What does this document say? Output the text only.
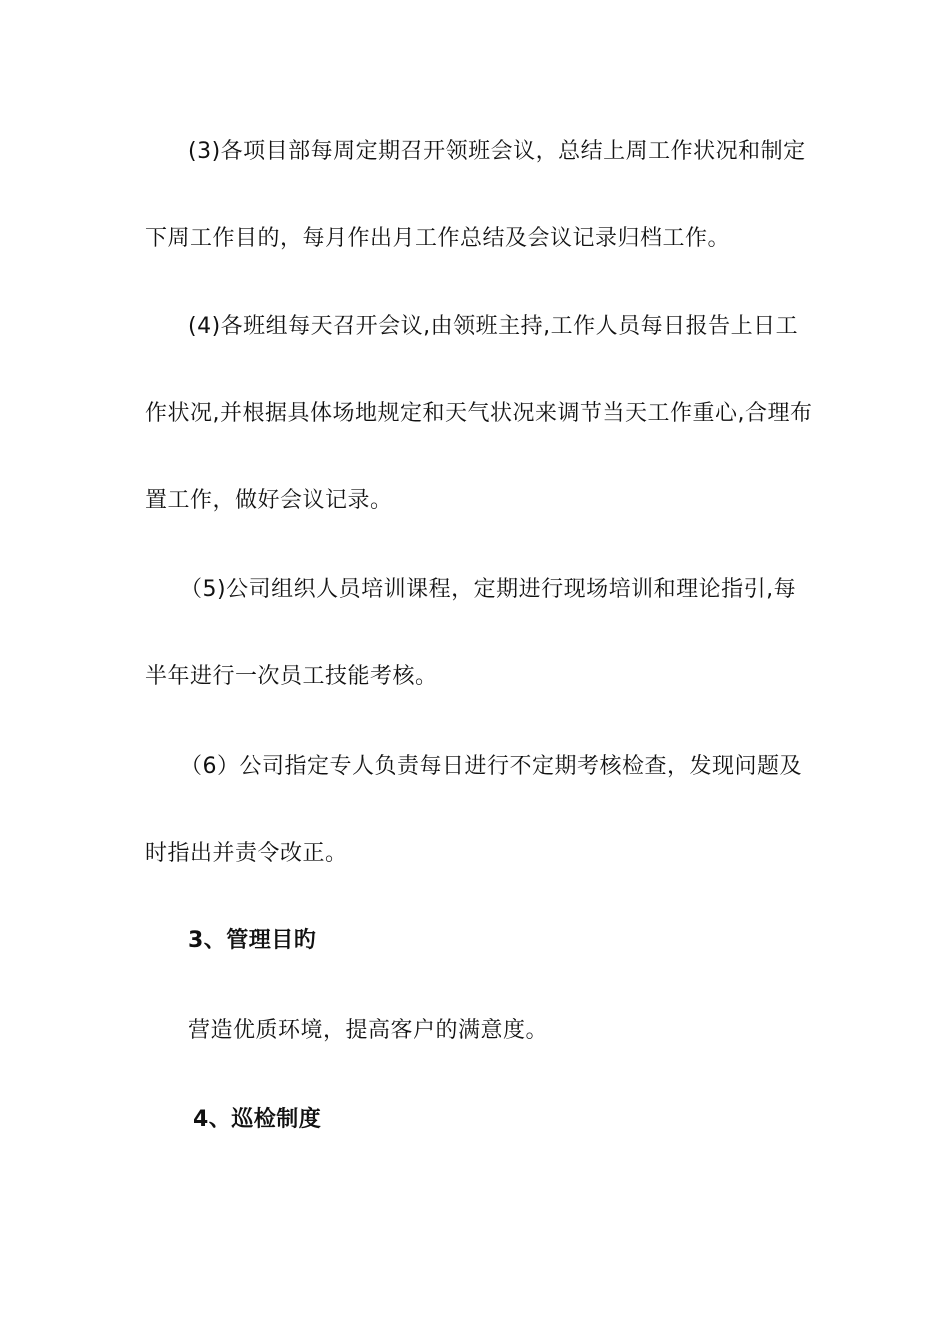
(3)各项目部每周定期召开领班会议，总结上周工作状况和制定
下周工作目的，每月作出月工作总结及会议记录归档工作。
(4)各班组每天召开会议,由领班主持,工作人员每日报告上日工
作状况,并根据具体场地规定和天气状况来调节当天工作重心,合理布
置工作，做好会议记录。
（5)公司组织人员培训课程，定期进行现场培训和理论指引,每
半年进行一次员工技能考核。
（6）公司指定专人负责每日进行不定期考核检查，发现问题及
时指出并责令改正。
3、管理目旳
营造优质环境，提高客户的满意度。
4、巡检制度
